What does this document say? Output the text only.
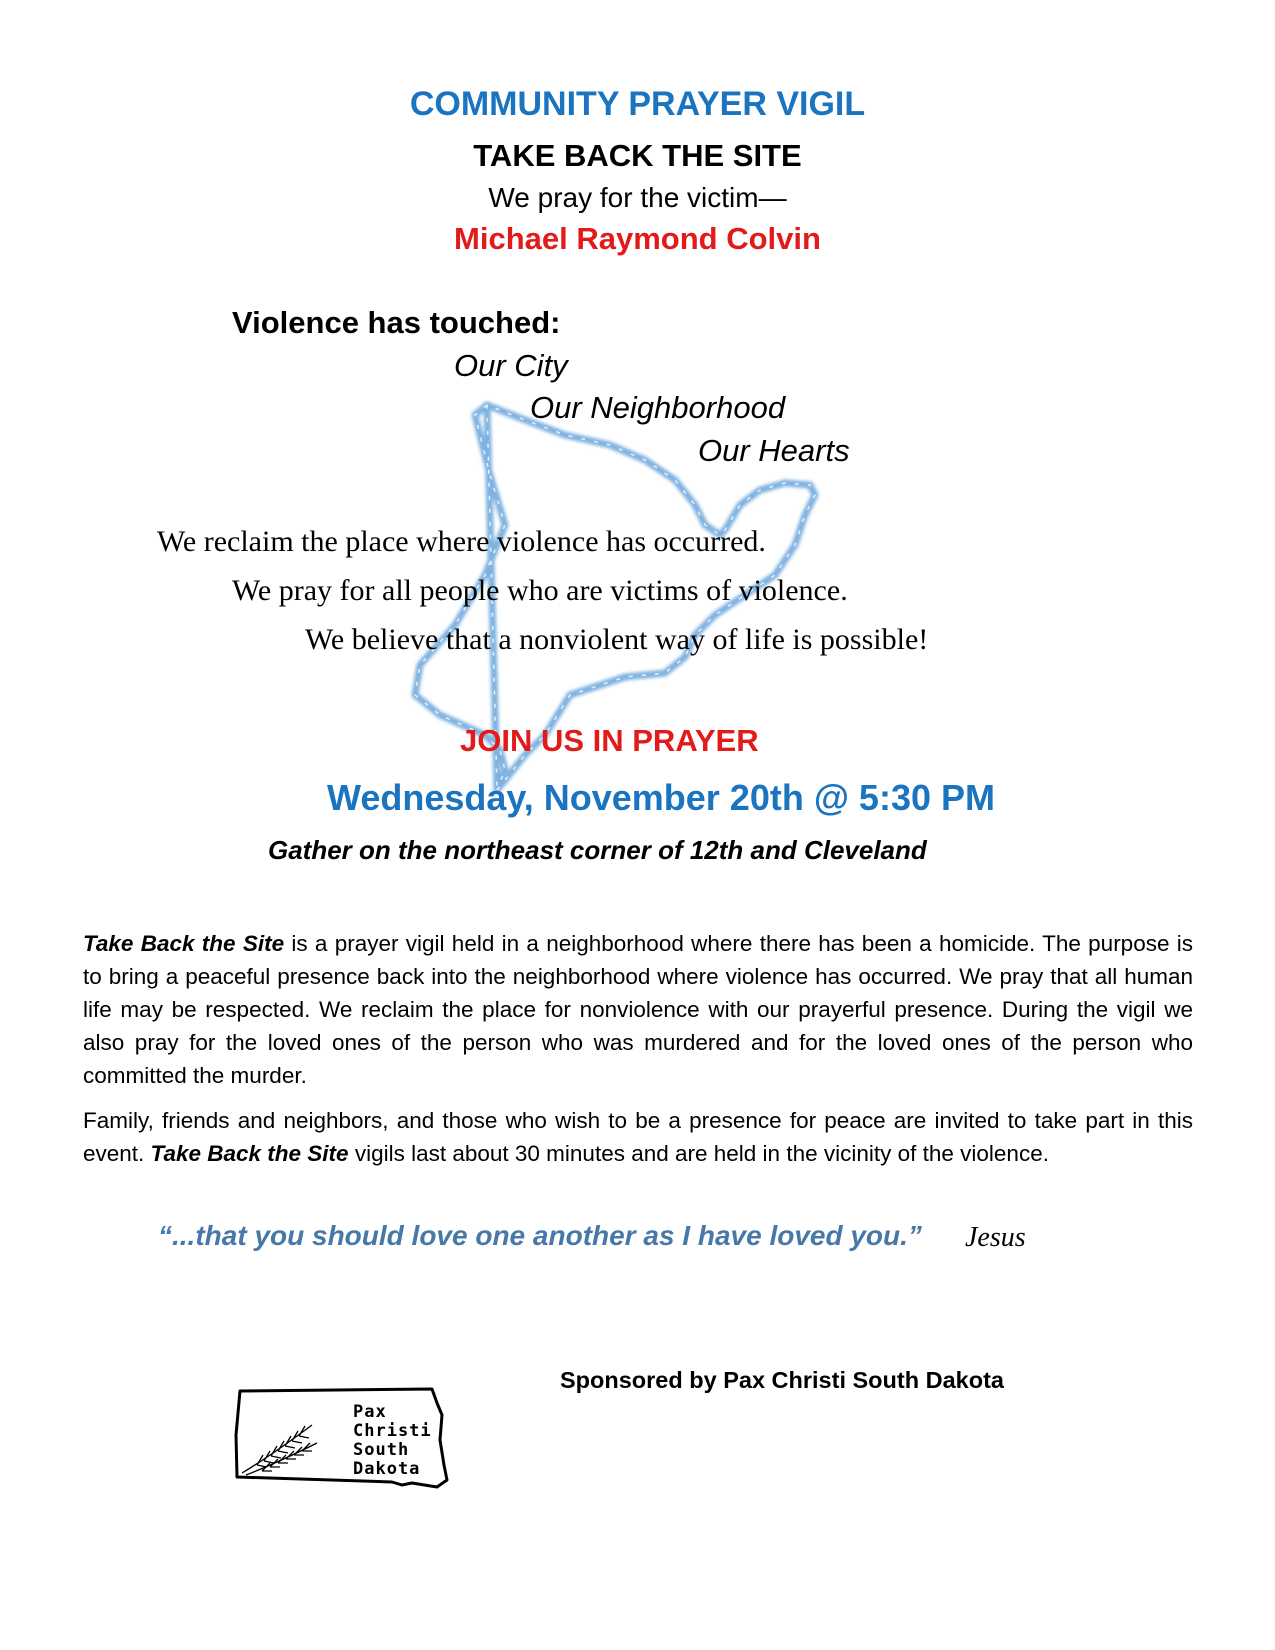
COMMUNITY PRAYER VIGIL
TAKE BACK THE SITE
We pray for the victim—
Michael Raymond Colvin
Violence has touched:
Our City
Our Neighborhood
Our Hearts
We reclaim the place where violence has occurred.
We pray for all people who are victims of violence.
We believe that a nonviolent way of life is possible!
JOIN US IN PRAYER
Wednesday, November 20th @ 5:30 PM
Gather on the northeast corner of 12th and Cleveland
Take Back the Site is a prayer vigil held in a neighborhood where there has been a homicide. The purpose is to bring a peaceful presence back into the neighborhood where violence has occurred. We pray that all human life may be respected. We reclaim the place for nonviolence with our prayerful presence. During the vigil we also pray for the loved ones of the person who was murdered and for the loved ones of the person who committed the murder.
Family, friends and neighbors, and those who wish to be a presence for peace are invited to take part in this event. Take Back the Site vigils last about 30 minutes and are held in the vicinity of the violence.
“...that you should love one another as I have loved you.” Jesus
Sponsored by Pax Christi South Dakota
Pax
Christi
South
Dakota
